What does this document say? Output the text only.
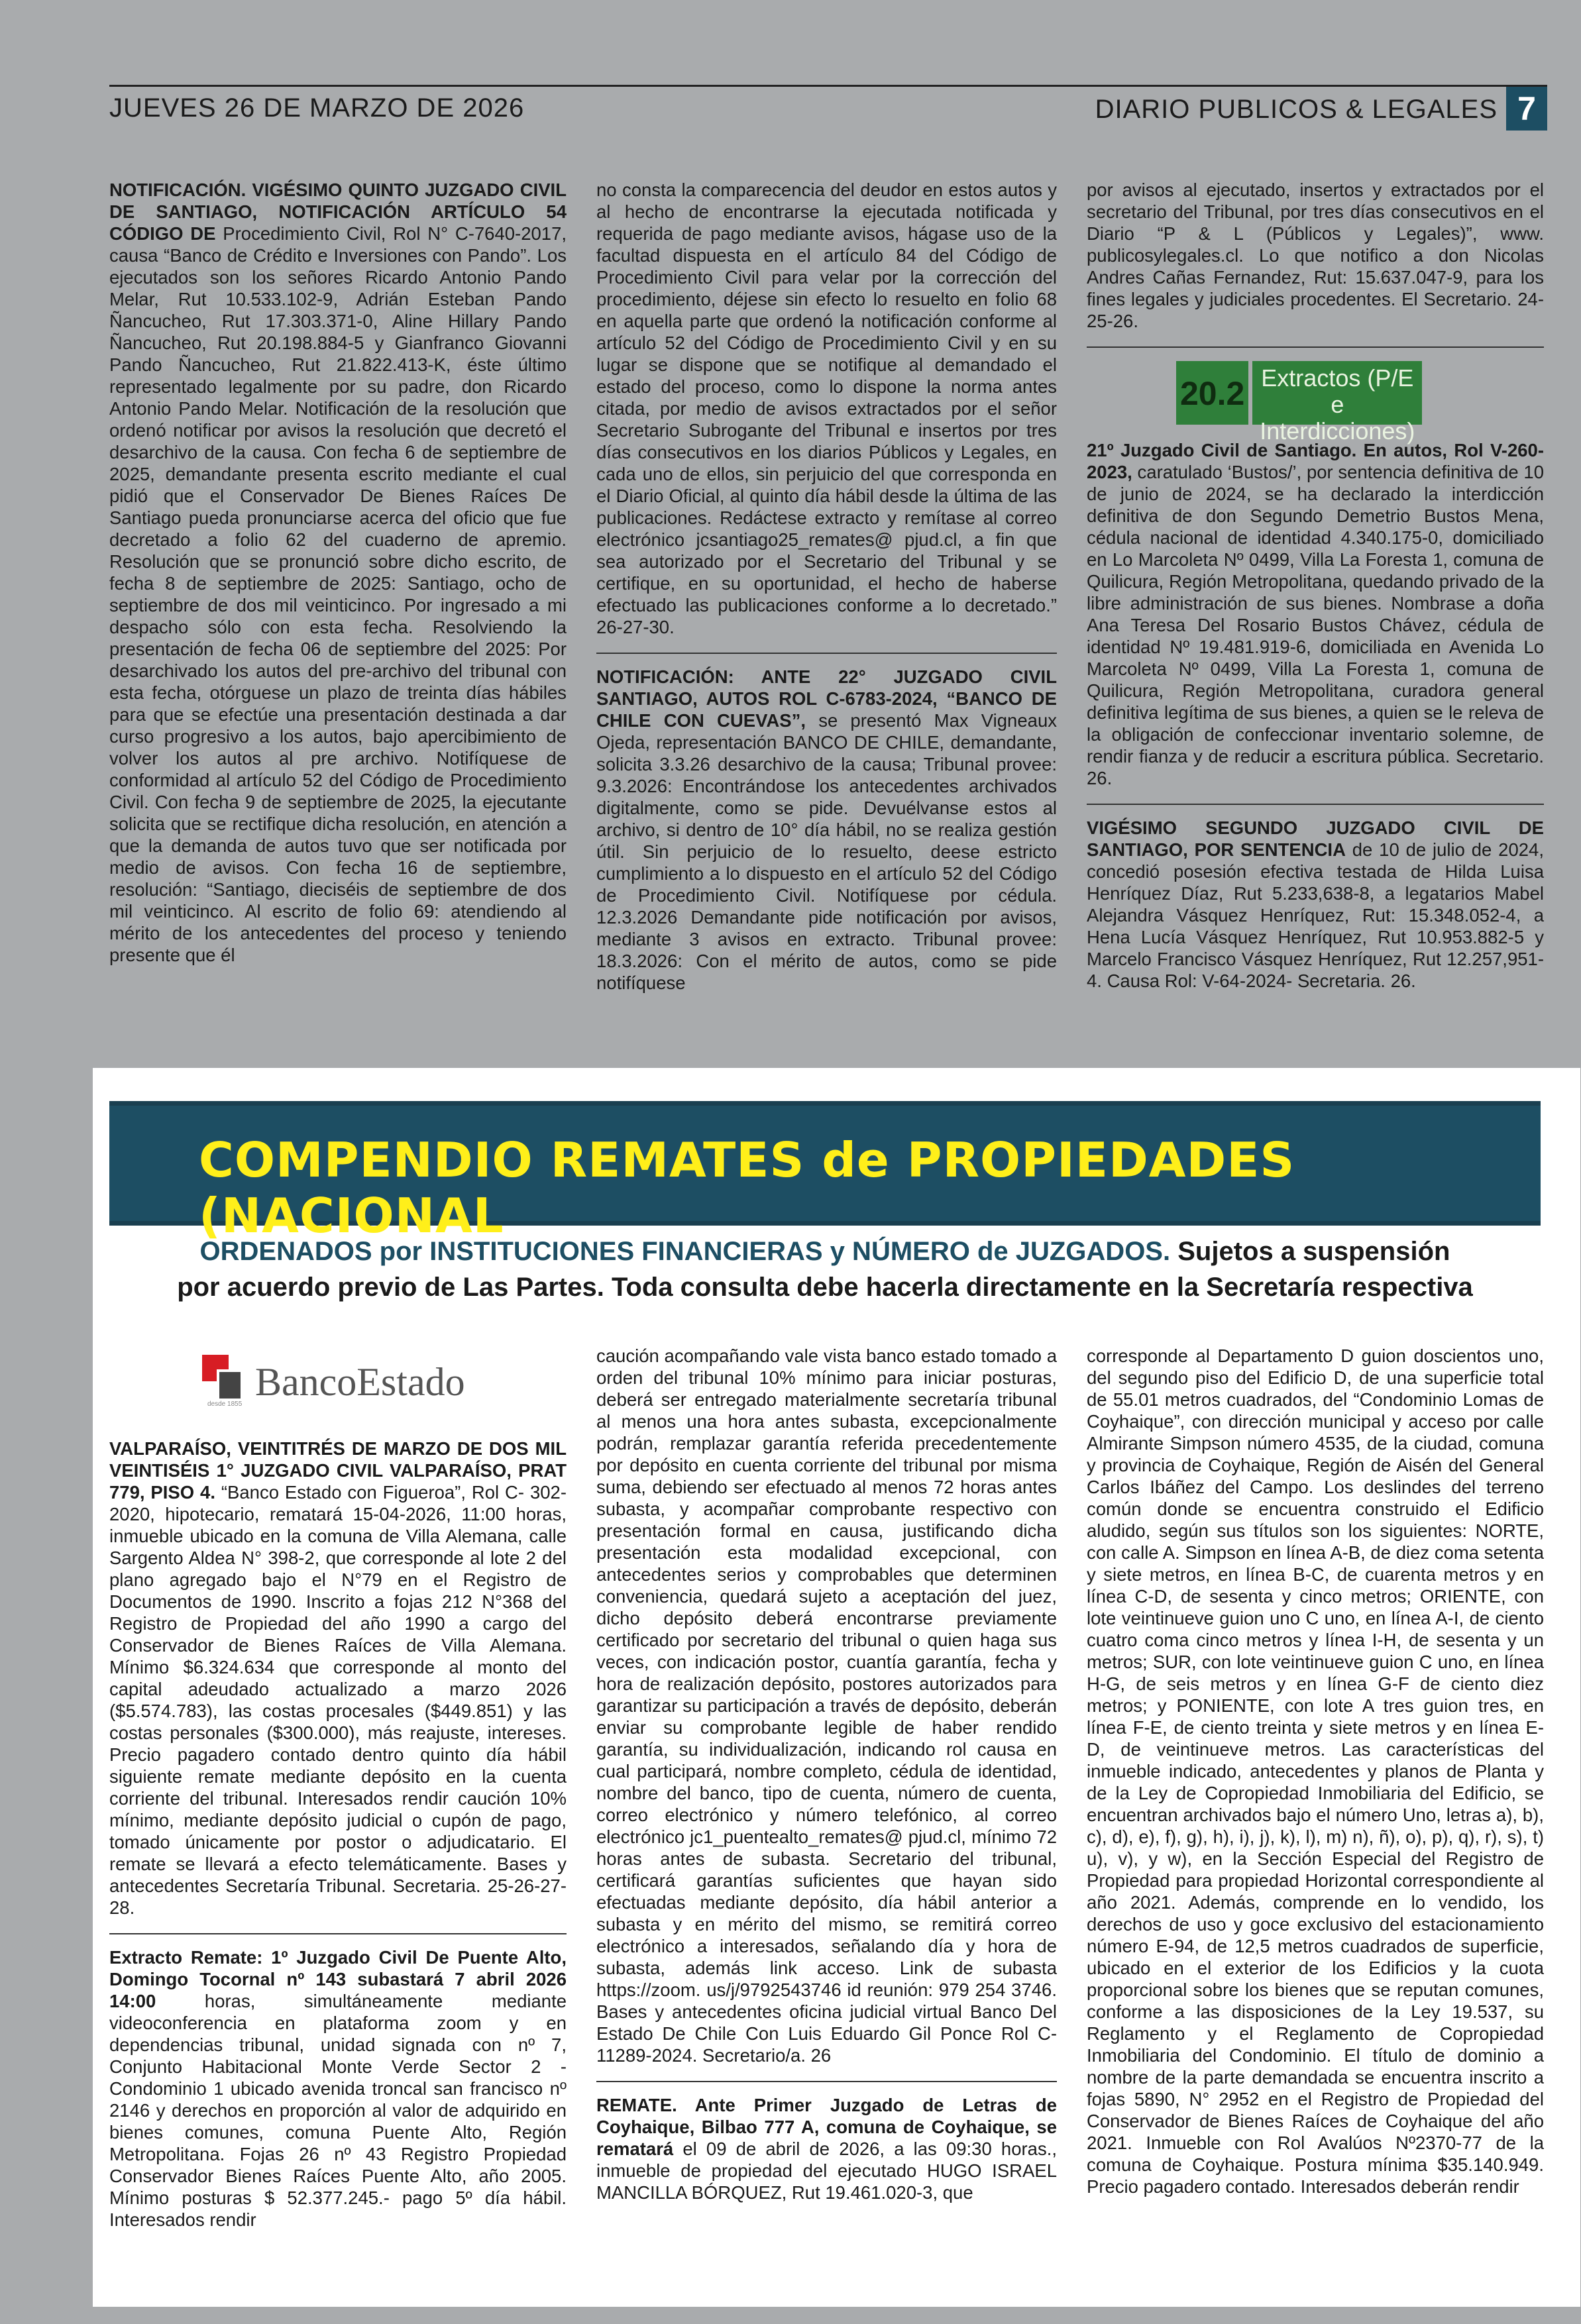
JUEVES 26 DE MARZO DE 2026	DIARIO PUBLICOS & LEGALES 7

NOTIFICACIÓN. VIGÉSIMO QUINTO JUZGADO CIVIL DE SANTIAGO, NOTIFICACIÓN ARTÍCULO 54 CÓDIGO DE Procedimiento Civil, Rol N° C-7640-2017, causa “Banco de Crédito e Inversiones con Pando”. Los ejecutados son los señores Ricardo Antonio Pando Melar, Rut 10.533.102-9, Adrián Esteban Pando Ñancucheo, Rut 17.303.371-0, Aline Hillary Pando Ñancucheo, Rut 20.198.884-5 y Gianfranco Giovanni Pando Ñancucheo, Rut 21.822.413-K, éste último representado legalmente por su padre, don Ricardo Antonio Pando Melar. Notificación de la resolución que ordenó notificar por avisos la resolución que decretó el desarchivo de la causa. Con fecha 6 de septiembre de 2025, demandante presenta escrito mediante el cual pidió que el Conservador De Bienes Raíces De Santiago pueda pronunciarse acerca del oficio que fue decretado a folio 62 del cuaderno de apremio. Resolución que se pronunció sobre dicho escrito, de fecha 8 de septiembre de 2025: Santiago, ocho de septiembre de dos mil veinticinco. Por ingresado a mi despacho sólo con esta fecha. Resolviendo la presentación de fecha 06 de septiembre del 2025: Por desarchivado los autos del pre-archivo del tribunal con esta fecha, otórguese un plazo de treinta días hábiles para que se efectúe una presentación destinada a dar curso progresivo a los autos, bajo apercibimiento de volver los autos al pre archivo. Notifíquese de conformidad al artículo 52 del Código de Procedimiento Civil. Con fecha 9 de septiembre de 2025, la ejecutante solicita que se rectifique dicha resolución, en atención a que la demanda de autos tuvo que ser notificada por medio de avisos. Con fecha 16 de septiembre, resolución: “Santiago, dieciséis de septiembre de dos mil veinticinco. Al escrito de folio 69: atendiendo al mérito de los antecedentes del proceso y teniendo presente que él

no consta la comparecencia del deudor en estos autos y al hecho de encontrarse la ejecutada notificada y requerida de pago mediante avisos, hágase uso de la facultad dispuesta en el artículo 84 del Código de Procedimiento Civil para velar por la corrección del procedimiento, déjese sin efecto lo resuelto en folio 68 en aquella parte que ordenó la notificación conforme al artículo 52 del Código de Procedimiento Civil y en su lugar se dispone que se notifique al demandado el estado del proceso, como lo dispone la norma antes citada, por medio de avisos extractados por el señor Secretario Subrogante del Tribunal e insertos por tres días consecutivos en los diarios Públicos y Legales, en cada uno de ellos, sin perjuicio del que corresponda en el Diario Oficial, al quinto día hábil desde la última de las publicaciones. Redáctese extracto y remítase al correo electrónico jcsantiago25_remates@ pjud.cl, a fin que sea autorizado por el Secretario del Tribunal y se certifique, en su oportunidad, el hecho de haberse efectuado las publicaciones conforme a lo decretado.” 26-27-30.

NOTIFICACIÓN: ANTE 22° JUZGADO CIVIL SANTIAGO, AUTOS ROL C-6783-2024, “BANCO DE CHILE CON CUEVAS”, se presentó Max Vigneaux Ojeda, representación BANCO DE CHILE, demandante, solicita 3.3.26 desarchivo de la causa; Tribunal provee: 9.3.2026: Encontrándose los antecedentes archivados digitalmente, como se pide. Devuélvanse estos al archivo, si dentro de 10° día hábil, no se realiza gestión útil. Sin perjuicio de lo resuelto, deese estricto cumplimiento a lo dispuesto en el artículo 52 del Código de Procedimiento Civil. Notifíquese por cédula. 12.3.2026 Demandante pide notificación por avisos, mediante 3 avisos en extracto. Tribunal provee: 18.3.2026: Con el mérito de autos, como se pide notifíquese

por avisos al ejecutado, insertos y extractados por el secretario del Tribunal, por tres días consecutivos en el Diario “P & L (Públicos y Legales)”, www. publicosylegales.cl. Lo que notifico a don Nicolas Andres Cañas Fernandez, Rut: 15.637.047-9, para los fines legales y judiciales procedentes. El Secretario. 24-25-26.

20.2 Extractos (P/E e Interdicciones)

21º Juzgado Civil de Santiago. En autos, Rol V-260-2023, caratulado ‘Bustos/’, por sentencia definitiva de 10 de junio de 2024, se ha declarado la interdicción definitiva de don Segundo Demetrio Bustos Mena, cédula nacional de identidad 4.340.175-0, domiciliado en Lo Marcoleta Nº 0499, Villa La Foresta 1, comuna de Quilicura, Región Metropolitana, quedando privado de la libre administración de sus bienes. Nombrase a doña Ana Teresa Del Rosario Bustos Chávez, cédula de identidad Nº 19.481.919-6, domiciliada en Avenida Lo Marcoleta Nº 0499, Villa La Foresta 1, comuna de Quilicura, Región Metropolitana, curadora general definitiva legítima de sus bienes, a quien se le releva de la obligación de confeccionar inventario solemne, de rendir fianza y de reducir a escritura pública. Secretario. 26.

VIGÉSIMO SEGUNDO JUZGADO CIVIL DE SANTIAGO, POR SENTENCIA de 10 de julio de 2024, concedió posesión efectiva testada de Hilda Luisa Henríquez Díaz, Rut 5.233,638-8, a legatarios Mabel Alejandra Vásquez Henríquez, Rut: 15.348.052-4, a Hena Lucía Vásquez Henríquez, Rut 10.953.882-5 y Marcelo Francisco Vásquez Henríquez, Rut 12.257,951-4. Causa Rol: V-64-2024- Secretaria. 26.

COMPENDIO REMATES de PROPIEDADES (NACIONAL
ORDENADOS por INSTITUCIONES FINANCIERAS y NÚMERO de JUZGADOS. Sujetos a suspensión
por acuerdo previo de Las Partes. Toda consulta debe hacerla directamente en la Secretaría respectiva
BancoEstado
desde 1855

VALPARAÍSO, VEINTITRÉS DE MARZO DE DOS MIL VEINTISÉIS 1° JUZGADO CIVIL VALPARAÍSO, PRAT 779, PISO 4. “Banco Estado con Figueroa”, Rol C- 302-2020, hipotecario, rematará 15-04-2026, 11:00 horas, inmueble ubicado en la comuna de Villa Alemana, calle Sargento Aldea N° 398-2, que corresponde al lote 2 del plano agregado bajo el N°79 en el Registro de Documentos de 1990. Inscrito a fojas 212 N°368 del Registro de Propiedad del año 1990 a cargo del Conservador de Bienes Raíces de Villa Alemana. Mínimo $6.324.634 que corresponde al monto del capital adeudado actualizado a marzo 2026 ($5.574.783), las costas procesales ($449.851) y las costas personales ($300.000), más reajuste, intereses. Precio pagadero contado dentro quinto día hábil siguiente remate mediante depósito en la cuenta corriente del tribunal. Interesados rendir caución 10% mínimo, mediante depósito judicial o cupón de pago, tomado únicamente por postor o adjudicatario. El remate se llevará a efecto telemáticamente. Bases y antecedentes Secretaría Tribunal. Secretaria. 25-26-27-28.

Extracto Remate: 1º Juzgado Civil De Puente Alto, Domingo Tocornal nº 143 subastará 7 abril 2026 14:00	horas, simultáneamente mediante videoconferencia en plataforma zoom y en dependencias tribunal, unidad signada con nº 7, Conjunto Habitacional Monte Verde Sector 2 - Condominio 1 ubicado avenida troncal san francisco nº 2146 y derechos en proporción al valor de adquirido en bienes comunes, comuna Puente Alto, Región Metropolitana. Fojas 26 nº 43 Registro Propiedad Conservador Bienes Raíces Puente Alto, año 2005. Mínimo posturas $ 52.377.245.- pago 5º día hábil. Interesados rendir

caución acompañando vale vista banco estado tomado a orden del tribunal 10% mínimo para iniciar posturas, deberá ser entregado materialmente secretaría tribunal al menos una hora antes subasta, excepcionalmente podrán, remplazar garantía referida precedentemente por depósito en cuenta corriente del tribunal por misma suma, debiendo ser efectuado al menos 72 horas antes subasta, y acompañar comprobante respectivo con presentación formal en causa, justificando dicha presentación esta modalidad excepcional, con antecedentes serios y comprobables que determinen conveniencia, quedará sujeto a aceptación del juez, dicho depósito deberá encontrarse previamente certificado por secretario del tribunal o quien haga sus veces, con indicación postor, cuantía garantía, fecha y hora de realización depósito, postores autorizados para garantizar su participación a través de depósito, deberán enviar su comprobante legible de haber rendido garantía, su individualización, indicando rol causa en cual participará, nombre completo, cédula de identidad, nombre del banco, tipo de cuenta, número de cuenta, correo electrónico y número telefónico, al correo electrónico jc1_puentealto_remates@ pjud.cl, mínimo 72 horas antes de subasta. Secretario del tribunal, certificará garantías suficientes que hayan sido efectuadas mediante depósito, día hábil anterior a subasta y en mérito del mismo, se remitirá correo electrónico a interesados, señalando día y hora de subasta, además link acceso. Link de subasta https://zoom. us/j/9792543746 id reunión: 979 254 3746. Bases y antecedentes oficina judicial virtual Banco Del Estado De Chile Con Luis Eduardo Gil Ponce Rol C-11289-2024. Secretario/a. 26

REMATE. Ante Primer Juzgado de Letras de Coyhaique, Bilbao 777 A, comuna de Coyhaique, se rematará el 09 de abril de 2026, a las 09:30 horas., inmueble de propiedad del ejecutado HUGO ISRAEL MANCILLA BÓRQUEZ, Rut 19.461.020-3, que

corresponde al Departamento D guion doscientos uno, del segundo piso del Edificio D, de una superficie total de 55.01 metros cuadrados, del “Condominio Lomas de Coyhaique”, con dirección municipal y acceso por calle Almirante Simpson número 4535, de la ciudad, comuna y provincia de Coyhaique, Región de Aisén del General Carlos Ibáñez del Campo. Los deslindes del terreno común donde se encuentra construido el Edificio aludido, según sus títulos son los siguientes: NORTE, con calle A. Simpson en línea A-B, de diez coma setenta y siete metros, en línea B-C, de cuarenta metros y en línea C-D, de sesenta y cinco metros; ORIENTE, con lote veintinueve guion uno C uno, en línea A-I, de ciento cuatro coma cinco metros y línea I-H, de sesenta y un metros; SUR, con lote veintinueve guion C uno, en línea H-G, de seis metros y en línea G-F de ciento diez metros; y PONIENTE, con lote A tres guion tres, en línea F-E, de ciento treinta y siete metros y en línea E-D, de veintinueve metros. Las características del inmueble indicado, antecedentes y planos de Planta y de la Ley de Copropiedad Inmobiliaria del Edificio, se encuentran archivados bajo el número Uno, letras a), b), c), d), e), f), g), h), i), j), k), l), m) n), ñ), o), p), q), r), s), t) u), v), y w), en la Sección Especial del Registro de Propiedad para propiedad Horizontal correspondiente al año 2021. Además, comprende en lo vendido, los derechos de uso y goce exclusivo del estacionamiento número E-94, de 12,5 metros cuadrados de superficie, ubicado en el exterior de los Edificios y la cuota proporcional sobre los bienes que se reputan comunes, conforme a las disposiciones de la Ley 19.537, su Reglamento y el Reglamento de Copropiedad Inmobiliaria del Condominio. El título de dominio a nombre de la parte demandada se encuentra inscrito a fojas 5890, N° 2952 en el Registro de Propiedad del Conservador de Bienes Raíces de Coyhaique del año 2021. Inmueble con Rol Avalúos Nº2370-77 de la comuna de Coyhaique. Postura mínima $35.140.949. Precio pagadero contado. Interesados deberán rendir
